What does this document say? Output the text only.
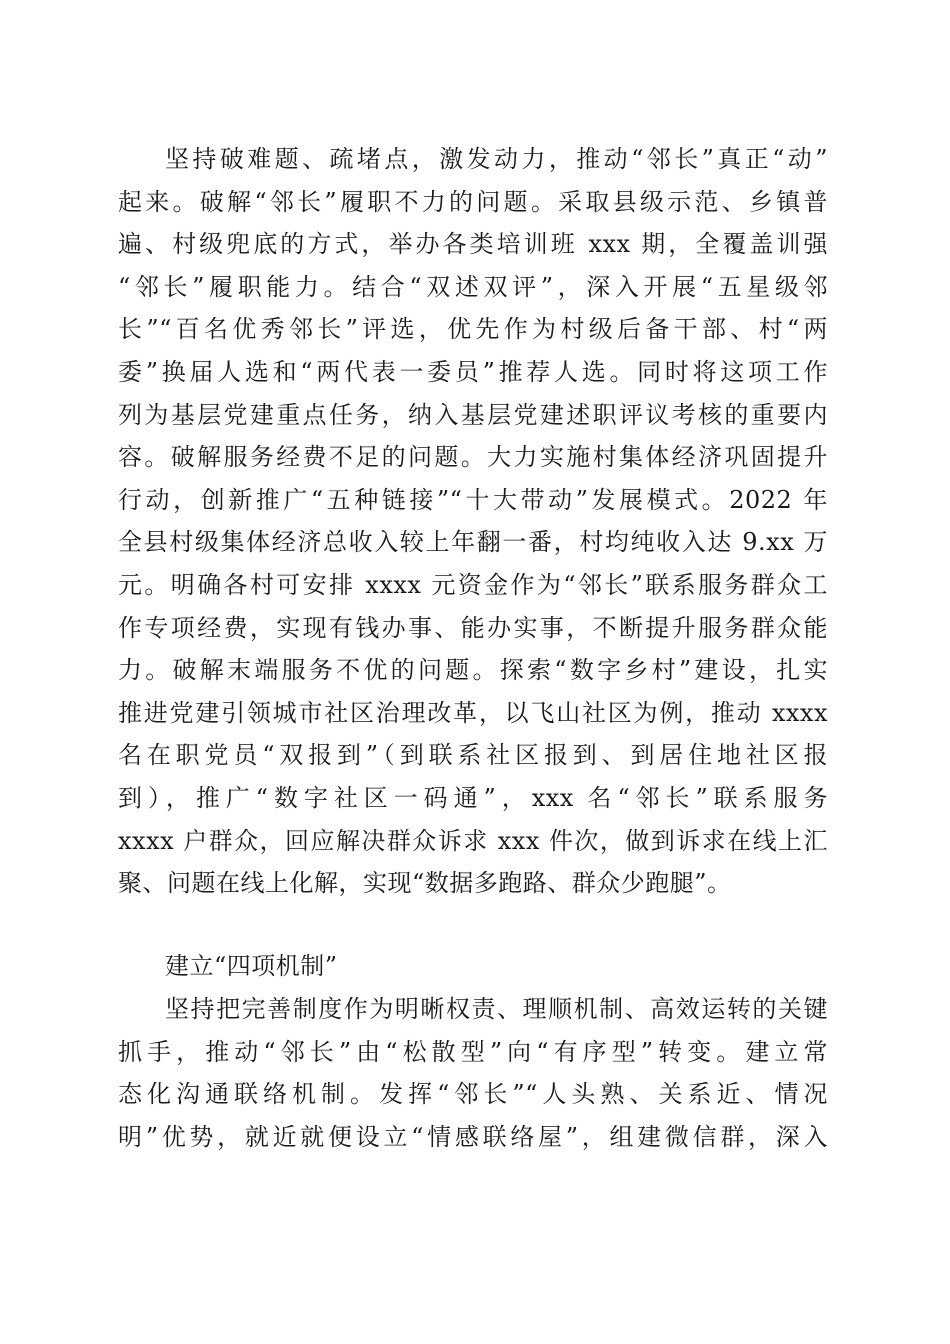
坚持破难题、疏堵点，激发动力，推动“邻长”真正“动”
起来。破解“邻长”履职不力的问题。采取县级示范、乡镇普
遍、村级兜底的方式，举办各类培训班 xxx 期，全覆盖训强
“邻长”履职能力。结合“双述双评”，深入开展“五星级邻
长”“百名优秀邻长”评选，优先作为村级后备干部、村“两
委”换届人选和“两代表一委员”推荐人选。同时将这项工作
列为基层党建重点任务，纳入基层党建述职评议考核的重要内
容。破解服务经费不足的问题。大力实施村集体经济巩固提升
行动，创新推广“五种链接”“十大带动”发展模式。2022 年
全县村级集体经济总收入较上年翻一番，村均纯收入达 9.xx 万
元。明确各村可安排 xxxx 元资金作为“邻长”联系服务群众工
作专项经费，实现有钱办事、能办实事，不断提升服务群众能
力。破解末端服务不优的问题。探索“数字乡村”建设，扎实
推进党建引领城市社区治理改革，以飞山社区为例，推动 xxxx
名在职党员“双报到”（到联系社区报到、到居住地社区报
到），推广“数字社区一码通”，xxx 名“邻长”联系服务
xxxx 户群众，回应解决群众诉求 xxx 件次，做到诉求在线上汇
聚、问题在线上化解，实现“数据多跑路、群众少跑腿”。
建立“四项机制”
坚持把完善制度作为明晰权责、理顺机制、高效运转的关键
抓手，推动“邻长”由“松散型”向“有序型”转变。建立常
态化沟通联络机制。发挥“邻长”“人头熟、关系近、情况
明”优势，就近就便设立“情感联络屋”，组建微信群，深入
